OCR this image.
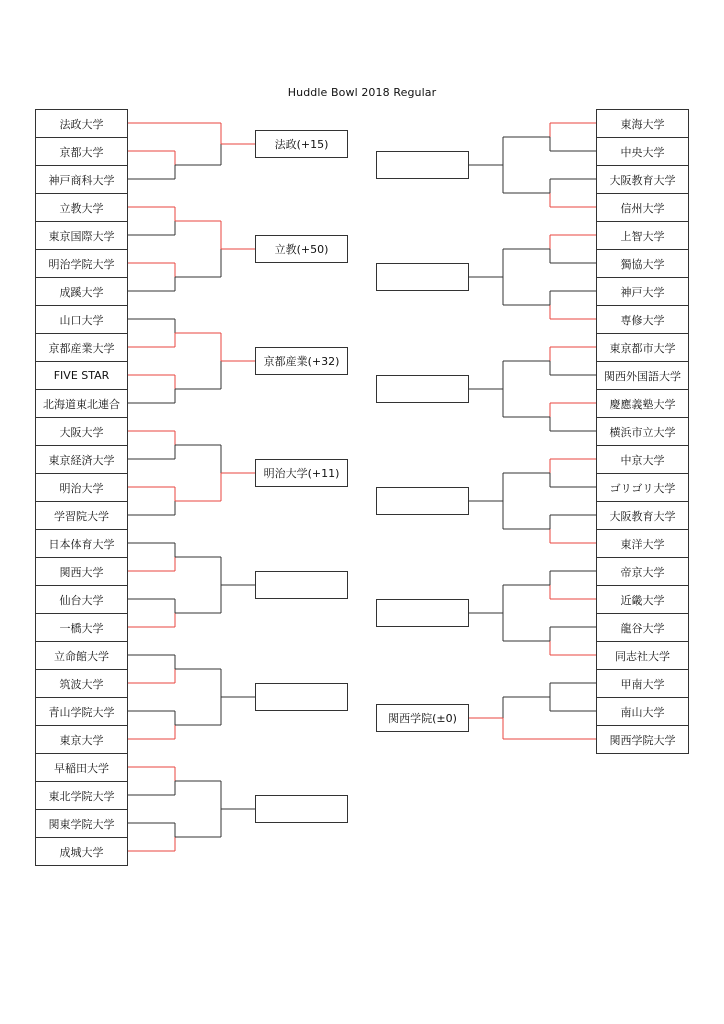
Huddle Bowl 2018 Regular
法政大学
京都大学
神戸商科大学
立教大学
東京国際大学
明治学院大学
成蹊大学
山口大学
京都産業大学
FIVE STAR
北海道東北連合
大阪大学
東京経済大学
明治大学
学習院大学
日本体育大学
関西大学
仙台大学
一橋大学
立命館大学
筑波大学
青山学院大学
東京大学
早稲田大学
東北学院大学
関東学院大学
成城大学
法政(+15)
立教(+50)
京都産業(+32)
明治大学(+11)
東海大学
中央大学
大阪教育大学
信州大学
上智大学
獨協大学
神戸大学
専修大学
東京都市大学
関西外国語大学
慶應義塾大学
横浜市立大学
中京大学
ゴリゴリ大学
大阪教育大学
東洋大学
帝京大学
近畿大学
龍谷大学
同志社大学
甲南大学
南山大学
関西学院大学
関西学院(±0)
